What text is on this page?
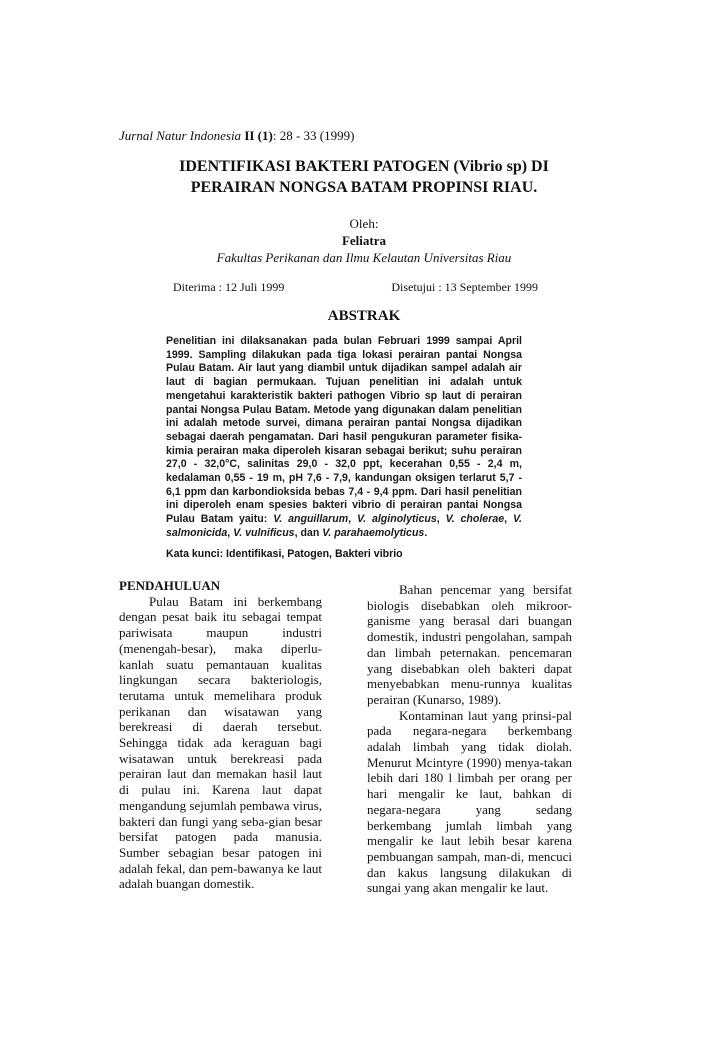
Jurnal Natur Indonesia II (1): 28 - 33 (1999)
IDENTIFIKASI BAKTERI PATOGEN (Vibrio sp) DI
PERAIRAN NONGSA BATAM PROPINSI RIAU.
Oleh:
Feliatra
Fakultas Perikanan dan Ilmu Kelautan Universitas Riau
Diterima : 12 Juli 1999	Disetujui : 13 September 1999
ABSTRAK
Penelitian ini dilaksanakan pada bulan Februari 1999 sampai April 1999. Sampling dilakukan pada tiga lokasi perairan pantai Nongsa Pulau Batam. Air laut yang diambil untuk dijadikan sampel adalah air laut di bagian permukaan. Tujuan penelitian ini adalah untuk mengetahui karakteristik bakteri pathogen Vibrio sp laut di perairan pantai Nongsa Pulau Batam. Metode yang digunakan dalam penelitian ini adalah metode survei, dimana perairan pantai Nongsa dijadikan sebagai daerah pengamatan. Dari hasil pengukuran parameter fisika-kimia perairan maka diperoleh kisaran sebagai berikut; suhu perairan 27,0 - 32,0°C, salinitas 29,0 - 32,0 ppt, kecerahan 0,55 - 2,4 m, kedalaman 0,55 - 19 m, pH 7,6 - 7,9, kandungan oksigen terlarut 5,7 - 6,1 ppm dan karbondioksida bebas 7,4 - 9,4 ppm. Dari hasil penelitian ini diperoleh enam spesies bakteri vibrio di perairan pantai Nongsa Pulau Batam yaitu: V. anguillarum, V. alginolyticus, V. cholerae, V. salmonicida, V. vulnificus, dan V. parahaemolyticus.
Kata kunci: Identifikasi, Patogen, Bakteri vibrio
PENDAHULUAN

Pulau Batam ini berkembang dengan pesat baik itu sebagai tempat pariwisata maupun industri (menengah-besar), maka diperlu-kanlah suatu pemantauan kualitas lingkungan secara bakteriologis, terutama untuk memelihara produk perikanan dan wisatawan yang berekreasi di daerah tersebut. Sehingga tidak ada keraguan bagi wisatawan untuk berekreasi pada perairan laut dan memakan hasil laut di pulau ini. Karena laut dapat mengandung sejumlah pembawa virus, bakteri dan fungi yang seba-gian besar bersifat patogen pada manusia. Sumber sebagian besar patogen ini adalah fekal, dan pem-bawanya ke laut adalah buangan domestik.

Bahan pencemar yang bersifat biologis disebabkan oleh mikroor-ganisme yang berasal dari buangan domestik, industri pengolahan, sampah dan limbah peternakan. pencemaran yang disebabkan oleh bakteri dapat menyebabkan menu-runnya kualitas perairan (Kunarso, 1989).

Kontaminan laut yang prinsi-pal pada negara-negara berkembang adalah limbah yang tidak diolah. Menurut Mcintyre (1990) menya-takan lebih dari 180 l limbah per orang per hari mengalir ke laut, bahkan di negara-negara yang sedang berkembang jumlah limbah yang mengalir ke laut lebih besar karena pembuangan sampah, man-di, mencuci dan kakus langsung dilakukan di sungai yang akan mengalir ke laut.
